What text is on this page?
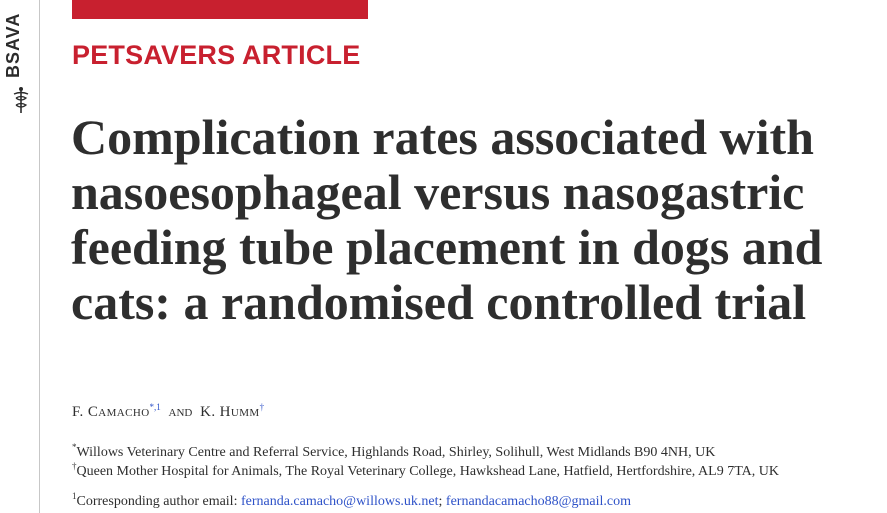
BSAVA PETSAVERS ARTICLE
Complication rates associated with nasoesophageal versus nasogastric feeding tube placement in dogs and cats: a randomised controlled trial
F. Camacho$^{*,1}$ and K. Humm†
*Willows Veterinary Centre and Referral Service, Highlands Road, Shirley, Solihull, West Midlands B90 4NH, UK
†Queen Mother Hospital for Animals, The Royal Veterinary College, Hawkshead Lane, Hatfield, Hertfordshire, AL9 7TA, UK
$^1$Corresponding author email: fernanda.camacho@willows.uk.net; fernandacamacho88@gmail.com
